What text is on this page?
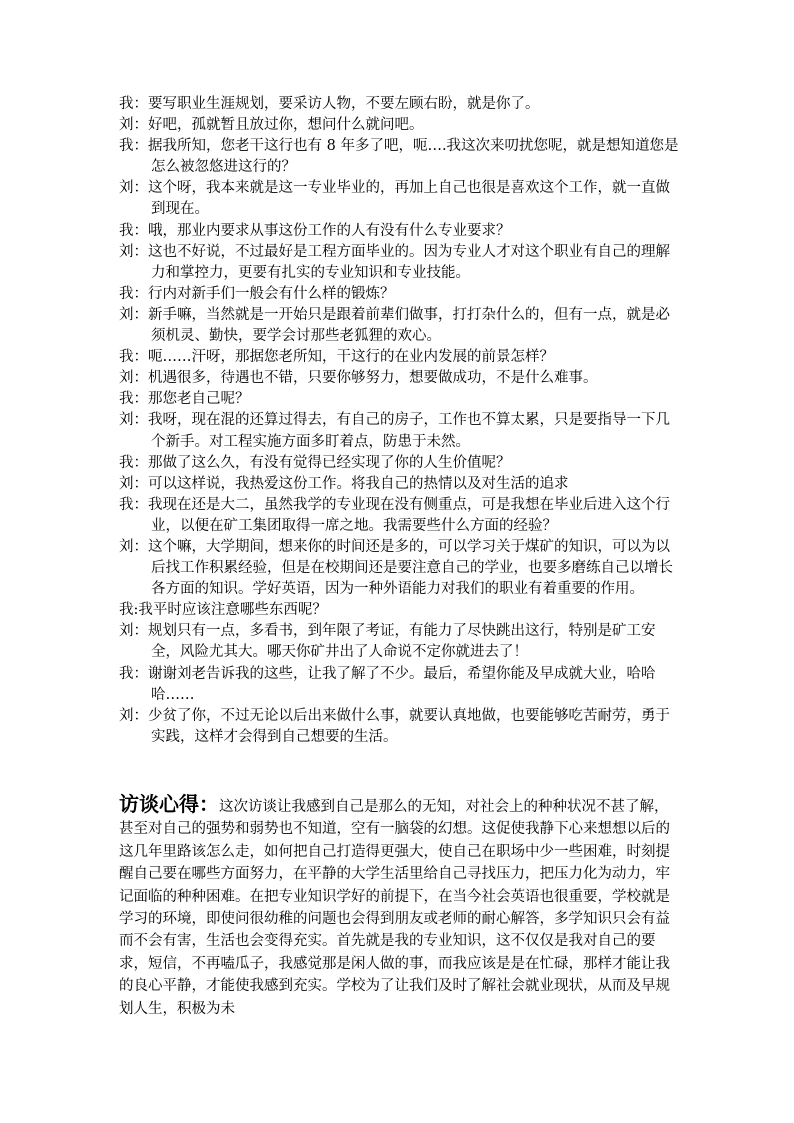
我：要写职业生涯规划，要采访人物，不要左顾右盼，就是你了。

刘：好吧，孤就暂且放过你，想问什么就问吧。

我：据我所知，您老干这行也有 8 年多了吧，呃….我这次来叨扰您呢，就是想知道您是怎么被忽悠进这行的？

刘：这个呀，我本来就是这一专业毕业的，再加上自己也很是喜欢这个工作，就一直做到现在。

我：哦，那业内要求从事这份工作的人有没有什么专业要求？

刘：这也不好说，不过最好是工程方面毕业的。因为专业人才对这个职业有自己的理解力和掌控力，更要有扎实的专业知识和专业技能。

我：行内对新手们一般会有什么样的锻炼？

刘：新手嘛，当然就是一开始只是跟着前辈们做事，打打杂什么的，但有一点，就是必须机灵、勤快，要学会讨那些老狐狸的欢心。

我：呃……汗呀，那据您老所知，干这行的在业内发展的前景怎样？

刘：机遇很多，待遇也不错，只要你够努力，想要做成功，不是什么难事。

我：那您老自己呢？

刘：我呀，现在混的还算过得去，有自己的房子，工作也不算太累，只是要指导一下几个新手。对工程实施方面多盯着点，防患于未然。

我：那做了这么久，有没有觉得已经实现了你的人生价值呢？

刘：可以这样说，我热爱这份工作。将我自己的热情以及对生活的追求

我：我现在还是大二，虽然我学的专业现在没有侧重点，可是我想在毕业后进入这个行业，以便在矿工集团取得一席之地。我需要些什么方面的经验？

刘：这个嘛，大学期间，想来你的时间还是多的，可以学习关于煤矿的知识，可以为以后找工作积累经验，但是在校期间还是要注意自己的学业，也要多磨练自己以增长各方面的知识。学好英语，因为一种外语能力对我们的职业有着重要的作用。

我:我平时应该注意哪些东西呢？

刘：规划只有一点，多看书，到年限了考证，有能力了尽快跳出这行，特别是矿工安全，风险尤其大。哪天你矿井出了人命说不定你就进去了！

我：谢谢刘老告诉我的这些，让我了解了不少。最后，希望你能及早成就大业，哈哈哈……

刘：少贫了你，不过无论以后出来做什么事，就要认真地做，也要能够吃苦耐劳，勇于实践，这样才会得到自己想要的生活。

访谈心得：这次访谈让我感到自己是那么的无知，对社会上的种种状况不甚了解，甚至对自己的强势和弱势也不知道，空有一脑袋的幻想。这促使我静下心来想想以后的这几年里路该怎么走，如何把自己打造得更强大，使自己在职场中少一些困难，时刻提醒自己要在哪些方面努力，在平静的大学生活里给自己寻找压力，把压力化为动力，牢记面临的种种困难。在把专业知识学好的前提下，在当今社会英语也很重要，学校就是学习的环境，即使问很幼稚的问题也会得到朋友或老师的耐心解答，多学知识只会有益而不会有害，生活也会变得充实。首先就是我的专业知识，这不仅仅是我对自己的要求，短信，不再嗑瓜子，我感觉那是闲人做的事，而我应该是是在忙碌，那样才能让我的良心平静，才能使我感到充实。学校为了让我们及时了解社会就业现状，从而及早规划人生，积极为未
